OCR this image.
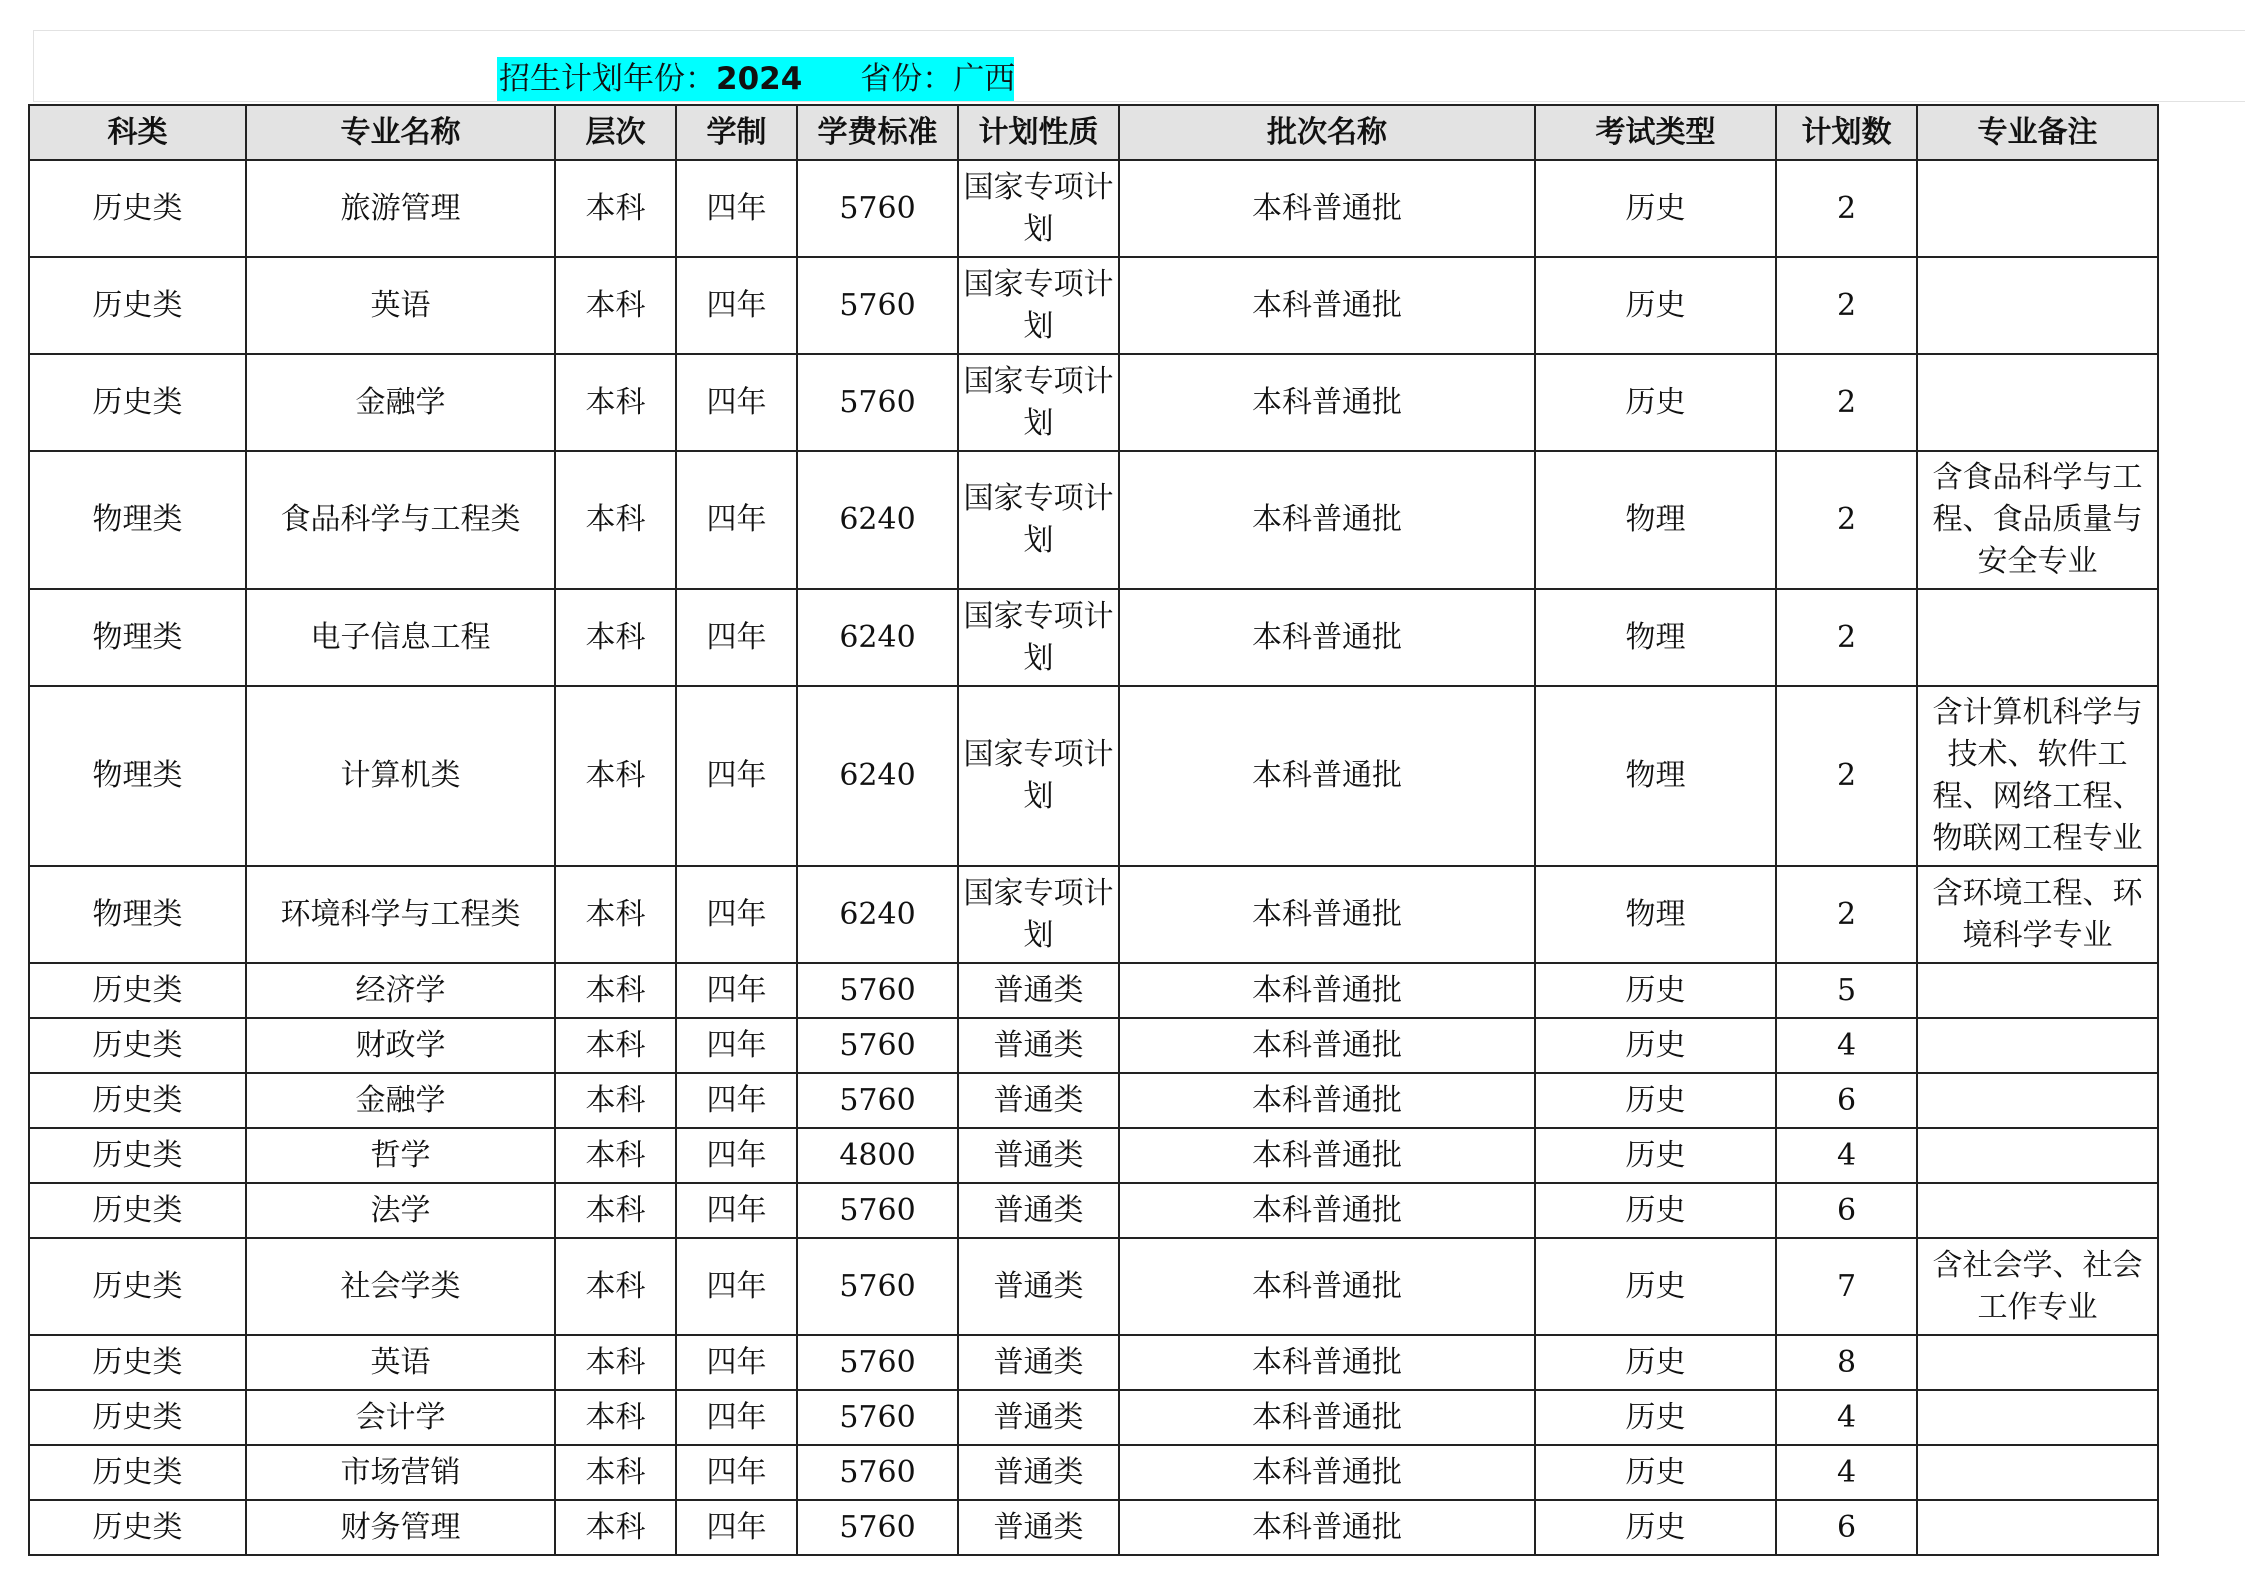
招生计划年份：2024 省份：广西
科类	专业名称	层次	学制	学费标准	计划性质	批次名称	考试类型	计划数	专业备注
历史类	旅游管理	本科	四年	5760	国家专项计划	本科普通批	历史	2	
历史类	英语	本科	四年	5760	国家专项计划	本科普通批	历史	2	
历史类	金融学	本科	四年	5760	国家专项计划	本科普通批	历史	2	
物理类	食品科学与工程类	本科	四年	6240	国家专项计划	本科普通批	物理	2	含食品科学与工程、食品质量与安全专业
物理类	电子信息工程	本科	四年	6240	国家专项计划	本科普通批	物理	2	
物理类	计算机类	本科	四年	6240	国家专项计划	本科普通批	物理	2	含计算机科学与技术、软件工程、网络工程、物联网工程专业
物理类	环境科学与工程类	本科	四年	6240	国家专项计划	本科普通批	物理	2	含环境工程、环境科学专业
历史类	经济学	本科	四年	5760	普通类	本科普通批	历史	5	
历史类	财政学	本科	四年	5760	普通类	本科普通批	历史	4	
历史类	金融学	本科	四年	5760	普通类	本科普通批	历史	6	
历史类	哲学	本科	四年	4800	普通类	本科普通批	历史	4	
历史类	法学	本科	四年	5760	普通类	本科普通批	历史	6	
历史类	社会学类	本科	四年	5760	普通类	本科普通批	历史	7	含社会学、社会工作专业
历史类	英语	本科	四年	5760	普通类	本科普通批	历史	8	
历史类	会计学	本科	四年	5760	普通类	本科普通批	历史	4	
历史类	市场营销	本科	四年	5760	普通类	本科普通批	历史	4	
历史类	财务管理	本科	四年	5760	普通类	本科普通批	历史	6	
